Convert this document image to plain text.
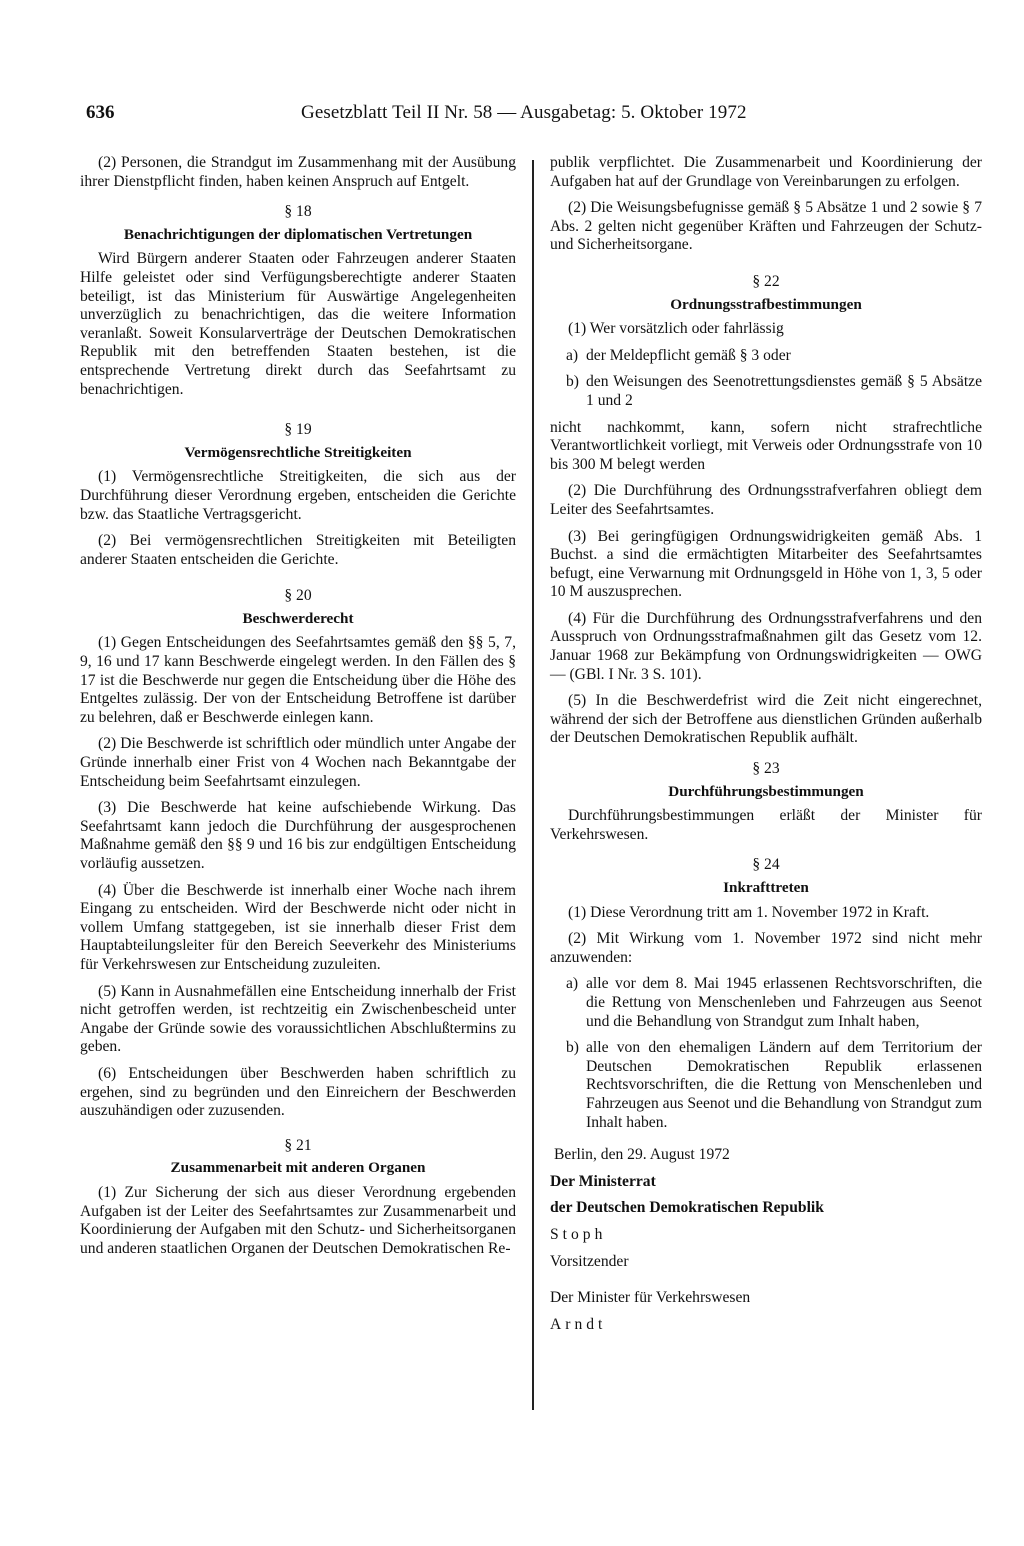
636	Gesetzblatt Teil II Nr. 58 — Ausgabetag: 5. Oktober 1972

(2) Personen, die Strandgut im Zusammenhang mit der Ausübung ihrer Dienstpflicht finden, haben keinen Anspruch auf Entgelt.

§ 18
Benachrichtigungen der diplomatischen Vertretungen

Wird Bürgern anderer Staaten oder Fahrzeugen anderer Staaten Hilfe geleistet oder sind Verfügungsberechtigte anderer Staaten beteiligt, ist das Ministerium für Auswärtige Angelegenheiten unverzüglich zu benachrichtigen, das die weitere Information veranlaßt. Soweit Konsularverträge der Deutschen Demokratischen Republik mit den betreffenden Staaten bestehen, ist die entsprechende Vertretung direkt durch das Seefahrtsamt zu benachrichtigen.

§ 19
Vermögensrechtliche Streitigkeiten

(1) Vermögensrechtliche Streitigkeiten, die sich aus der Durchführung dieser Verordnung ergeben, entscheiden die Gerichte bzw. das Staatliche Vertragsgericht.

(2) Bei vermögensrechtlichen Streitigkeiten mit Beteiligten anderer Staaten entscheiden die Gerichte.

§ 20
Beschwerderecht

(1) Gegen Entscheidungen des Seefahrtsamtes gemäß den §§ 5, 7, 9, 16 und 17 kann Beschwerde eingelegt werden. In den Fällen des § 17 ist die Beschwerde nur gegen die Entscheidung über die Höhe des Entgeltes zulässig. Der von der Entscheidung Betroffene ist darüber zu belehren, daß er Beschwerde einlegen kann.

(2) Die Beschwerde ist schriftlich oder mündlich unter Angabe der Gründe innerhalb einer Frist von 4 Wochen nach Bekanntgabe der Entscheidung beim Seefahrtsamt einzulegen.

(3) Die Beschwerde hat keine aufschiebende Wirkung. Das Seefahrtsamt kann jedoch die Durchführung der ausgesprochenen Maßnahme gemäß den §§ 9 und 16 bis zur endgültigen Entscheidung vorläufig aussetzen.

(4) Über die Beschwerde ist innerhalb einer Woche nach ihrem Eingang zu entscheiden. Wird der Beschwerde nicht oder nicht in vollem Umfang stattgegeben, ist sie innerhalb dieser Frist dem Hauptabteilungsleiter für den Bereich Seeverkehr des Ministeriums für Verkehrswesen zur Entscheidung zuzuleiten.

(5) Kann in Ausnahmefällen eine Entscheidung innerhalb der Frist nicht getroffen werden, ist rechtzeitig ein Zwischenbescheid unter Angabe der Gründe sowie des voraussichtlichen Abschlußtermins zu geben.

(6) Entscheidungen über Beschwerden haben schriftlich zu ergehen, sind zu begründen und den Einreichern der Beschwerden auszuhändigen oder zuzusenden.

§ 21
Zusammenarbeit mit anderen Organen

(1) Zur Sicherung der sich aus dieser Verordnung ergebenden Aufgaben ist der Leiter des Seefahrtsamtes zur Zusammenarbeit und Koordinierung der Aufgaben mit den Schutz- und Sicherheitsorganen und anderen staatlichen Organen der Deutschen Demokratischen Re-

publik verpflichtet. Die Zusammenarbeit und Koordinierung der Aufgaben hat auf der Grundlage von Vereinbarungen zu erfolgen.

(2) Die Weisungsbefugnisse gemäß § 5 Absätze 1 und 2 sowie § 7 Abs. 2 gelten nicht gegenüber Kräften und Fahrzeugen der Schutz- und Sicherheitsorgane.

§ 22
Ordnungsstrafbestimmungen

(1) Wer vorsätzlich oder fahrlässig

a) der Meldepflicht gemäß § 3 oder
b) den Weisungen des Seenotrettungsdienstes gemäß § 5 Absätze 1 und 2

nicht nachkommt, kann, sofern nicht strafrechtliche Verantwortlichkeit vorliegt, mit Verweis oder Ordnungsstrafe von 10 bis 300 M belegt werden

(2) Die Durchführung des Ordnungsstrafverfahren obliegt dem Leiter des Seefahrtsamtes.

(3) Bei geringfügigen Ordnungswidrigkeiten gemäß Abs. 1 Buchst. a sind die ermächtigten Mitarbeiter des Seefahrtsamtes befugt, eine Verwarnung mit Ordnungsgeld in Höhe von 1, 3, 5 oder 10 M auszusprechen.

(4) Für die Durchführung des Ordnungsstrafverfahrens und den Ausspruch von Ordnungsstrafmaßnahmen gilt das Gesetz vom 12. Januar 1968 zur Bekämpfung von Ordnungswidrigkeiten — OWG — (GBl. I Nr. 3 S. 101).

(5) In die Beschwerdefrist wird die Zeit nicht eingerechnet, während der sich der Betroffene aus dienstlichen Gründen außerhalb der Deutschen Demokratischen Republik aufhält.

§ 23
Durchführungsbestimmungen

Durchführungsbestimmungen erläßt der Minister für Verkehrswesen.

§ 24
Inkrafttreten

(1) Diese Verordnung tritt am 1. November 1972 in Kraft.

(2) Mit Wirkung vom 1. November 1972 sind nicht mehr anzuwenden:

a) alle vor dem 8. Mai 1945 erlassenen Rechtsvorschriften, die die Rettung von Menschenleben und Fahrzeugen aus Seenot und die Behandlung von Strandgut zum Inhalt haben,
b) alle von den ehemaligen Ländern auf dem Territorium der Deutschen Demokratischen Republik erlassenen Rechtsvorschriften, die die Rettung von Menschenleben und Fahrzeugen aus Seenot und die Behandlung von Strandgut zum Inhalt haben.

Berlin, den 29. August 1972

Der Ministerrat

der Deutschen Demokratischen Republik

Stoph

Vorsitzender

Der Minister für Verkehrswesen

Arndt
